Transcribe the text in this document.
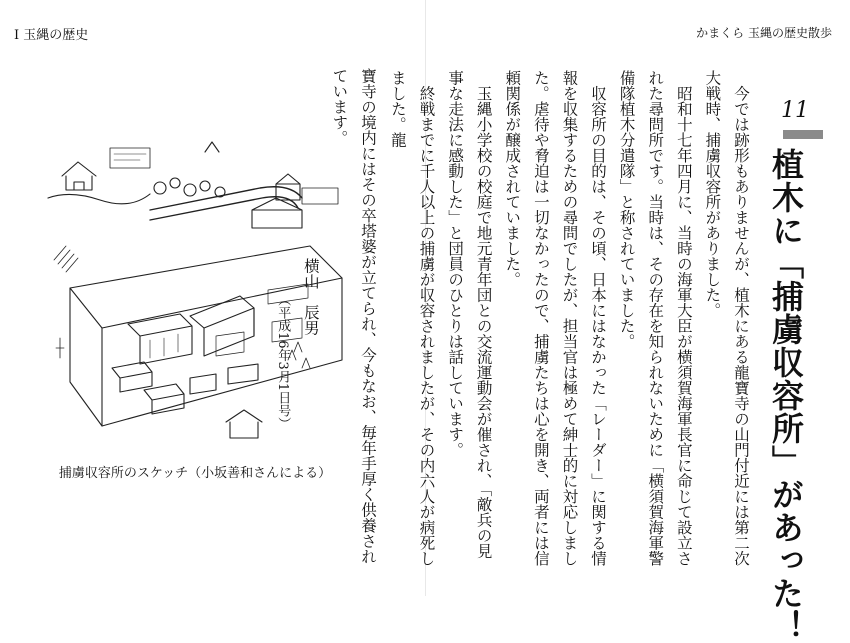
Ⅰ 玉縄の歴史	かまくら 玉縄の歴史散歩
11
植木に「捕虜収容所」があった！

　今では跡形もありませんが、植木にある龍寶寺の山門付近には第二次大戦時、捕虜収容所がありました。

　昭和十七年四月に、当時の海軍大臣が横須賀海軍長官に命じて設立された尋問所です。当時は、その存在を知られないために「横須賀海軍警備隊植木分遣隊」と称されていました。

　収容所の目的は、その頃、日本にはなかった「レーダー」に関する情報を収集するための尋問でしたが、担当官は極めて紳士的に対応しました。虐待や脅迫は一切なかったので、捕虜たちは心を開き、両者には信頼関係が醸成されていました。

　玉縄小学校の校庭で地元青年団との交流運動会が催され、「敵兵の見事な走法に感動した」と団員のひとりは話しています。

　終戦までに千人以上の捕虜が収容されましたが、その内六人が病死しました。龍

寶寺の境内にはその卒塔婆が立てられ、今もなお、毎年手厚く供養されています。

横山　辰男

（平成16年3月1日号）

捕虜収容所のスケッチ（小坂善和さんによる）
